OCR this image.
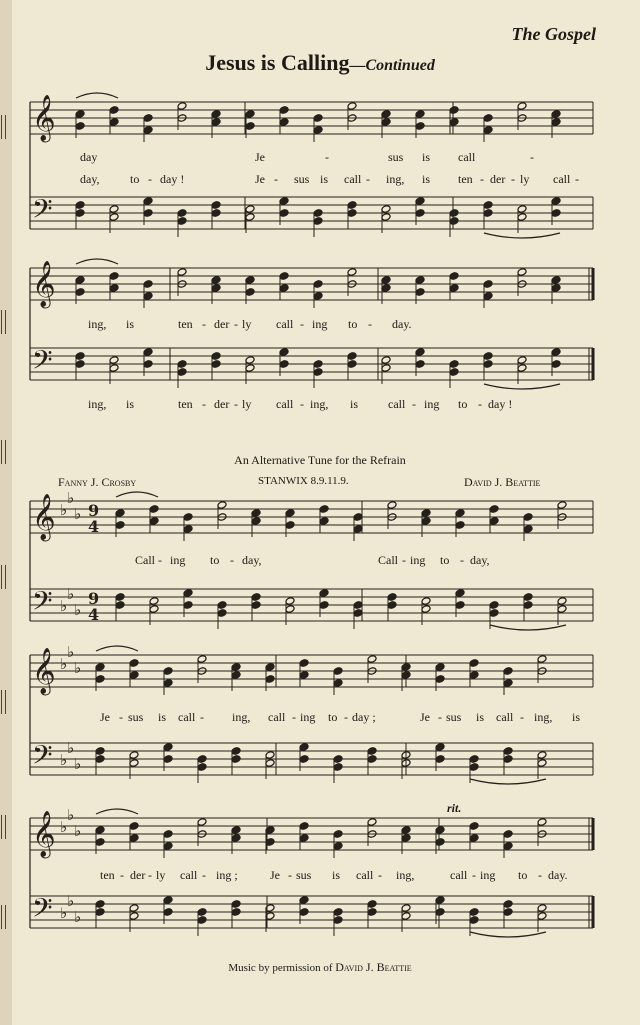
The Gospel
Jesus is Calling—Continued
𝄞
𝄢
𝄞
𝄢
𝄞
𝄢
♭
♭
♭
♭
♭
♭
9
4
9
4
𝄞
𝄢
♭
♭
♭
♭
♭
♭
𝄞
𝄢
♭
♭
♭
♭
♭
♭
day	Je	-	sus is call	-
day,	to - day !	Je - sus is call - ing, is ten - der - ly call -
ing, is	ten - der - ly call - ing to - day.
ing, is	ten - der - ly call - ing, is call - ing to - day !
An Alternative Tune for the Refrain
Fanny J. Crosby	STANWIX 8.9.11.9.	David J. Beattie
Call - ing to - day,	Call - ing to - day,
Je - sus is call - ing, call - ing to - day ;	Je - sus is call - ing, is
rit.
ten - der - ly call - ing ;	Je - sus is call - ing,	call - ing to - day.
Music by permission of David J. Beattie
